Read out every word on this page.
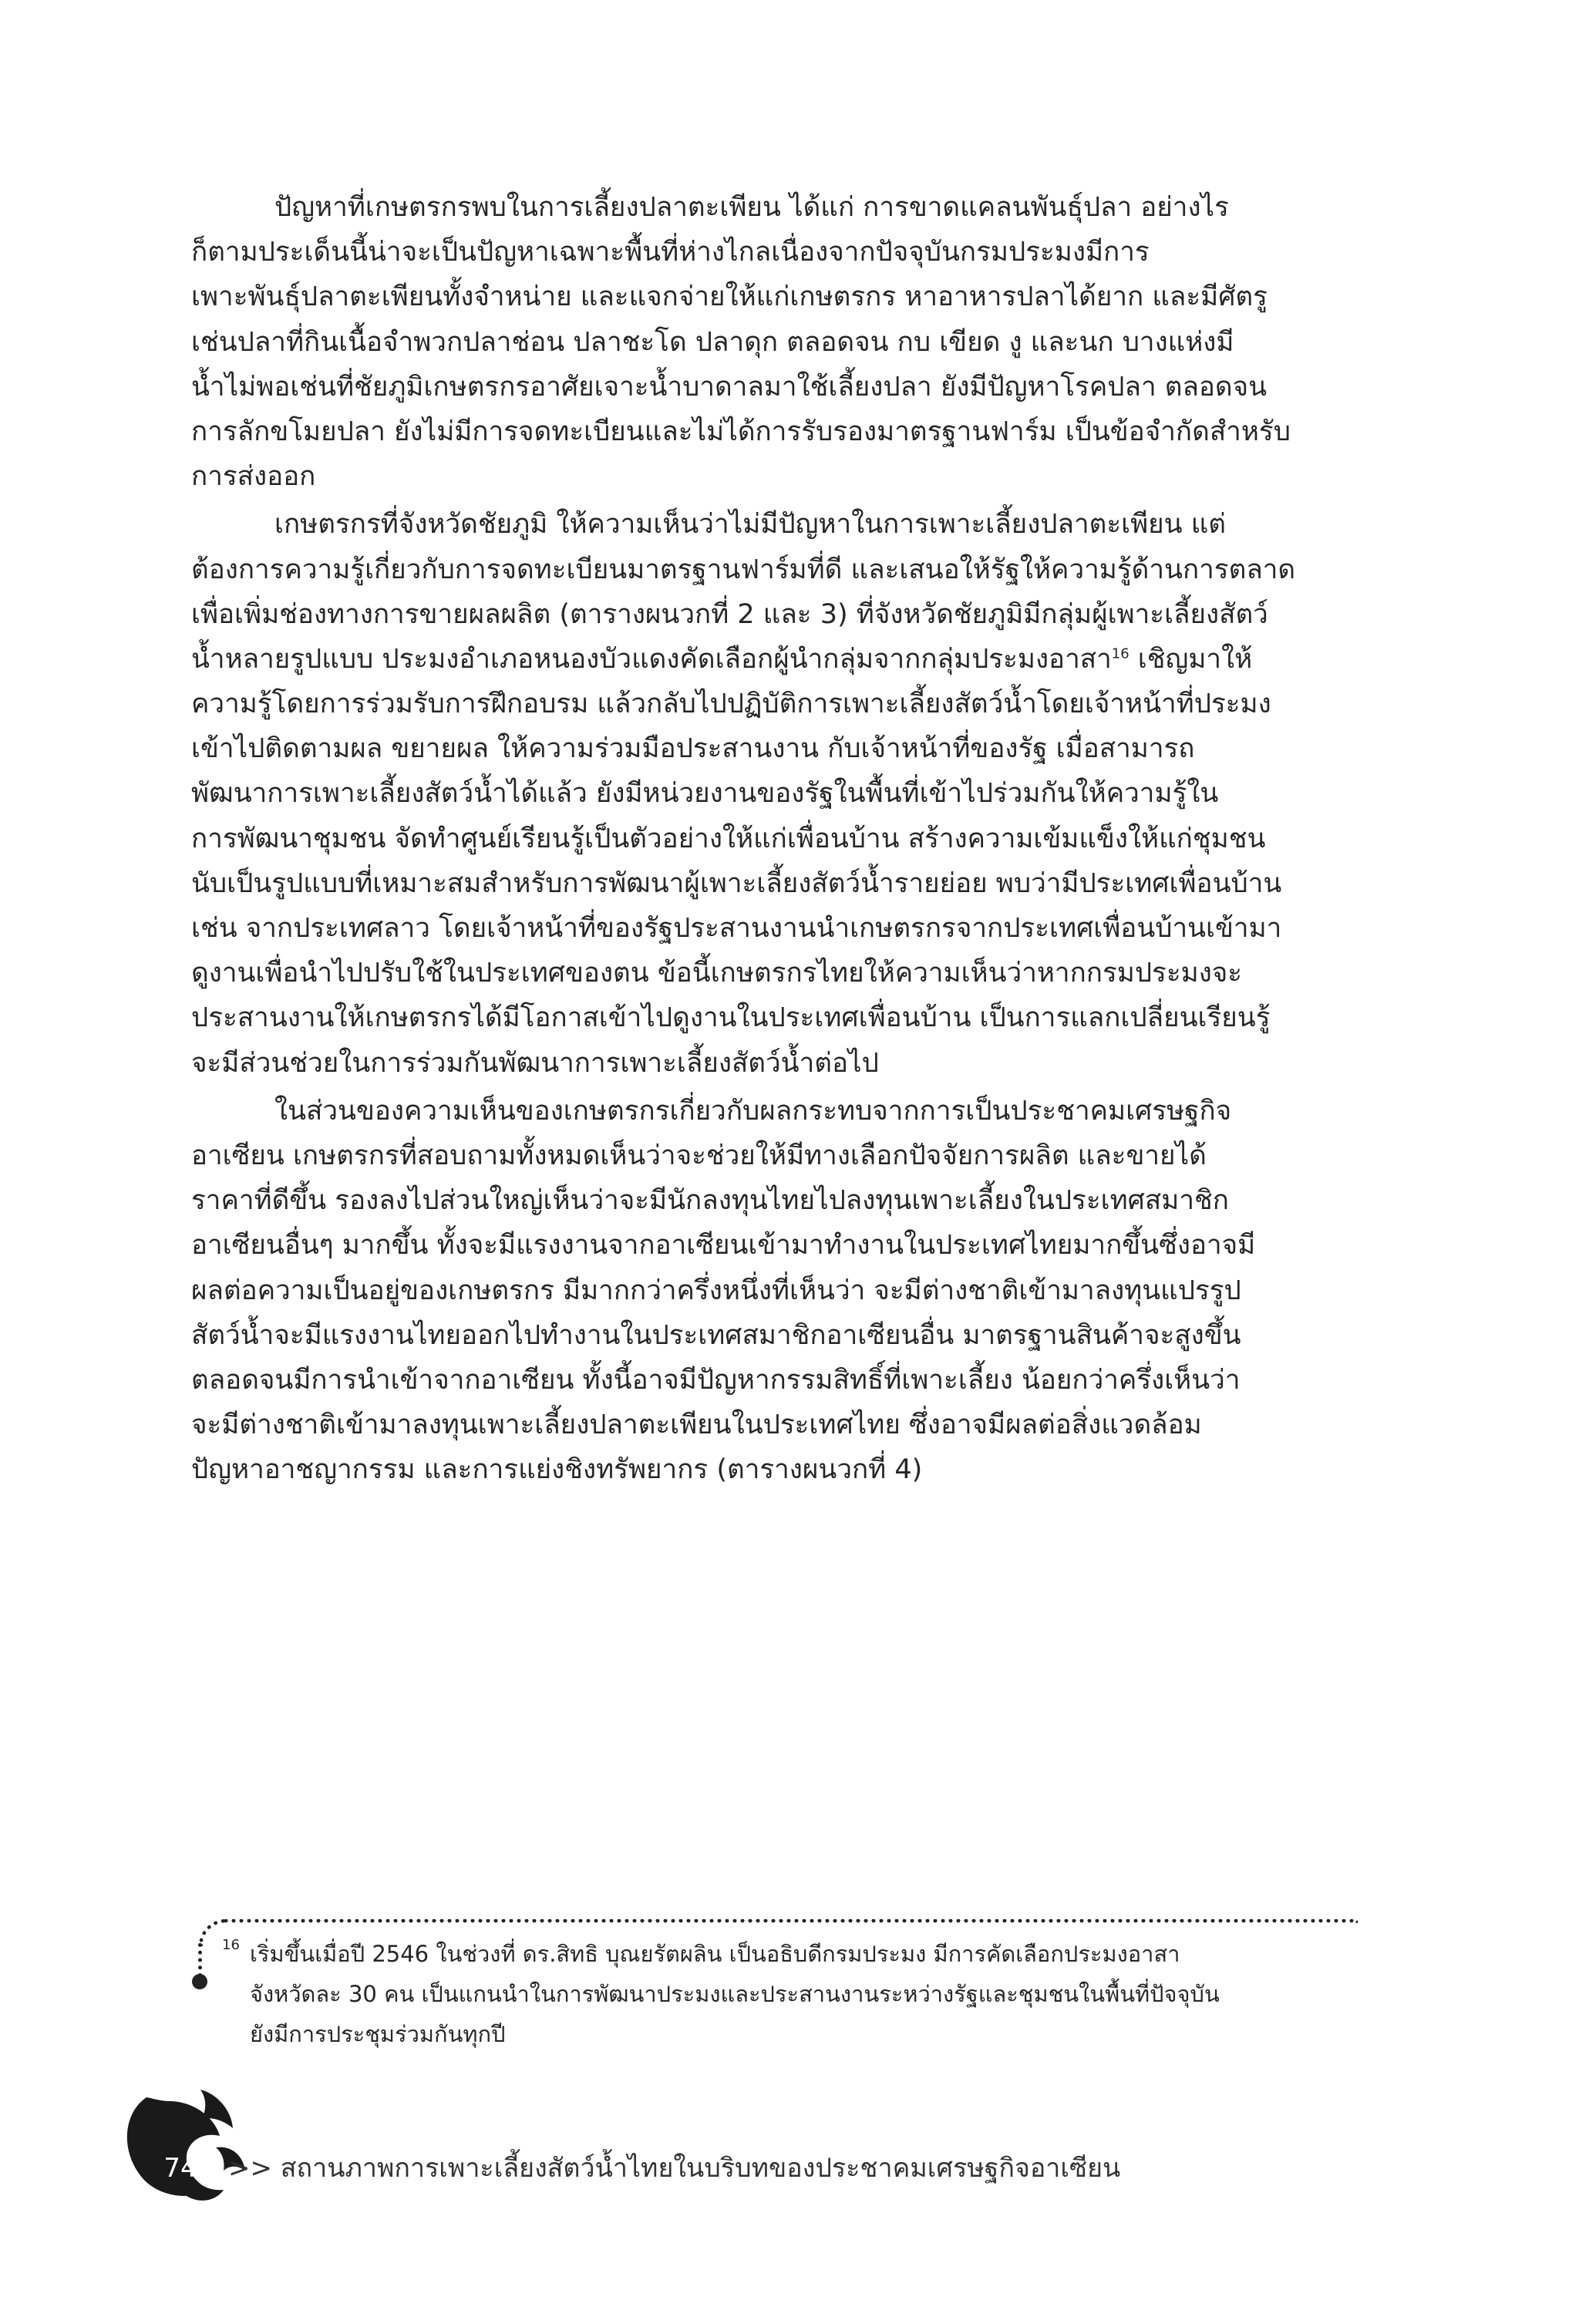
ปัญหาที่เกษตรกรพบในการเลี้ยงปลาตะเพียน ได้แก่ การขาดแคลนพันธุ์ปลา อย่างไร
ก็ตามประเด็นนี้น่าจะเป็นปัญหาเฉพาะพื้นที่ห่างไกลเนื่องจากปัจจุบันกรมประมงมีการ
เพาะพันธุ์ปลาตะเพียนทั้งจำหน่าย และแจกจ่ายให้แก่เกษตรกร หาอาหารปลาได้ยาก และมีศัตรู
เช่นปลาที่กินเนื้อจำพวกปลาช่อน ปลาชะโด ปลาดุก ตลอดจน กบ เขียด งู และนก บางแห่งมี
น้ำไม่พอเช่นที่ชัยภูมิเกษตรกรอาศัยเจาะน้ำบาดาลมาใช้เลี้ยงปลา ยังมีปัญหาโรคปลา ตลอดจน
การลักขโมยปลา ยังไม่มีการจดทะเบียนและไม่ได้การรับรองมาตรฐานฟาร์ม เป็นข้อจำกัดสำหรับ
การส่งออก
เกษตรกรที่จังหวัดชัยภูมิ ให้ความเห็นว่าไม่มีปัญหาในการเพาะเลี้ยงปลาตะเพียน แต่
ต้องการความรู้เกี่ยวกับการจดทะเบียนมาตรฐานฟาร์มที่ดี และเสนอให้รัฐให้ความรู้ด้านการตลาด
เพื่อเพิ่มช่องทางการขายผลผลิต (ตารางผนวกที่ 2 และ 3) ที่จังหวัดชัยภูมิมีกลุ่มผู้เพาะเลี้ยงสัตว์
น้ำหลายรูปแบบ ประมงอำเภอหนองบัวแดงคัดเลือกผู้นำกลุ่มจากกลุ่มประมงอาสา$^{16}$ เชิญมาให้
ความรู้โดยการร่วมรับการฝึกอบรม แล้วกลับไปปฏิบัติการเพาะเลี้ยงสัตว์น้ำโดยเจ้าหน้าที่ประมง
เข้าไปติดตามผล ขยายผล ให้ความร่วมมือประสานงาน กับเจ้าหน้าที่ของรัฐ เมื่อสามารถ
พัฒนาการเพาะเลี้ยงสัตว์น้ำได้แล้ว ยังมีหน่วยงานของรัฐในพื้นที่เข้าไปร่วมกันให้ความรู้ใน
การพัฒนาชุมชน จัดทำศูนย์เรียนรู้เป็นตัวอย่างให้แก่เพื่อนบ้าน สร้างความเข้มแข็งให้แก่ชุมชน
นับเป็นรูปแบบที่เหมาะสมสำหรับการพัฒนาผู้เพาะเลี้ยงสัตว์น้ำรายย่อย พบว่ามีประเทศเพื่อนบ้าน
เช่น จากประเทศลาว โดยเจ้าหน้าที่ของรัฐประสานงานนำเกษตรกรจากประเทศเพื่อนบ้านเข้ามา
ดูงานเพื่อนำไปปรับใช้ในประเทศของตน ข้อนี้เกษตรกรไทยให้ความเห็นว่าหากกรมประมงจะ
ประสานงานให้เกษตรกรได้มีโอกาสเข้าไปดูงานในประเทศเพื่อนบ้าน เป็นการแลกเปลี่ยนเรียนรู้
จะมีส่วนช่วยในการร่วมกันพัฒนาการเพาะเลี้ยงสัตว์น้ำต่อไป
ในส่วนของความเห็นของเกษตรกรเกี่ยวกับผลกระทบจากการเป็นประชาคมเศรษฐกิจ
อาเซียน เกษตรกรที่สอบถามทั้งหมดเห็นว่าจะช่วยให้มีทางเลือกปัจจัยการผลิต และขายได้
ราคาที่ดีขึ้น รองลงไปส่วนใหญ่เห็นว่าจะมีนักลงทุนไทยไปลงทุนเพาะเลี้ยงในประเทศสมาชิก
อาเซียนอื่นๆ มากขึ้น ทั้งจะมีแรงงานจากอาเซียนเข้ามาทำงานในประเทศไทยมากขึ้นซึ่งอาจมี
ผลต่อความเป็นอยู่ของเกษตรกร มีมากกว่าครึ่งหนึ่งที่เห็นว่า จะมีต่างชาติเข้ามาลงทุนแปรรูป
สัตว์น้ำจะมีแรงงานไทยออกไปทำงานในประเทศสมาชิกอาเซียนอื่น มาตรฐานสินค้าจะสูงขึ้น
ตลอดจนมีการนำเข้าจากอาเซียน ทั้งนี้อาจมีปัญหากรรมสิทธิ์ที่เพาะเลี้ยง น้อยกว่าครึ่งเห็นว่า
จะมีต่างชาติเข้ามาลงทุนเพาะเลี้ยงปลาตะเพียนในประเทศไทย ซึ่งอาจมีผลต่อสิ่งแวดล้อม
ปัญหาอาชญากรรม และการแย่งชิงทรัพยากร (ตารางผนวกที่ 4)
16 เริ่มขึ้นเมื่อปี 2546 ในช่วงที่ ดร.สิทธิ บุณยรัตผลิน เป็นอธิบดีกรมประมง มีการคัดเลือกประมงอาสา
จังหวัดละ 30 คน เป็นแกนนำในการพัฒนาประมงและประสานงานระหว่างรัฐและชุมชนในพื้นที่ปัจจุบัน
ยังมีการประชุมร่วมกันทุกปี
74 >> สถานภาพการเพาะเลี้ยงสัตว์น้ำไทยในบริบทของประชาคมเศรษฐกิจอาเซียน
